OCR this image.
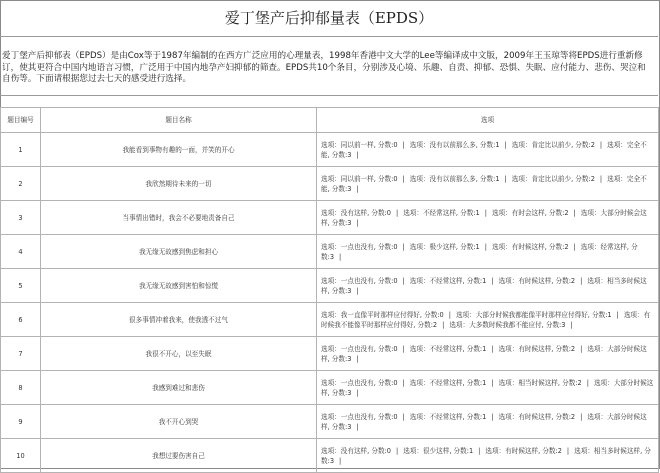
爱丁堡产后抑郁量表（EPDS）
爱丁堡产后抑郁表（EPDS）是由Cox等于1987年编制的在西方广泛应用的心理量表，1998年香港中文大学的Lee等编译成中文版，2009年王玉琼等将EPDS进行重新修订，使其更符合中国内地语言习惯，广泛用于中国内地孕产妇抑郁的筛查。EPDS共10个条目，分别涉及心境、乐趣、自责、抑郁、恐惧、失眠、应付能力、悲伤、哭泣和自伤等。下面请根据您过去七天的感受进行选择。
题目编号	题目名称	选项
1	我能看到事物有趣的一面，并笑的开心	选项：同以前一样, 分数:0 | 选项：没有以前那么多, 分数:1 | 选项：肯定比以前少, 分数:2 | 选项：完全不能, 分数:3 |
2	我欣然期待未来的一切	选项：同以前一样, 分数:0 | 选项：没有以前那么多, 分数:1 | 选项：肯定比以前少, 分数:2 | 选项：完全不能, 分数:3 |
3	当事情出错时，我会不必要地责备自己	选项：没有这样, 分数:0 | 选项：不经常这样, 分数:1 | 选项：有时会这样, 分数:2 | 选项：大部分时候会这样, 分数:3 |
4	我无缘无故感到焦虑和担心	选项：一点也没有, 分数:0 | 选项：极少这样, 分数:1 | 选项：有时候这样, 分数:2 | 选项：经常这样, 分数:3 |
5	我无缘无故感到害怕和惊慌	选项：一点也没有, 分数:0 | 选项：不经常这样, 分数:1 | 选项：有时候这样, 分数:2 | 选项：相当多时候这样, 分数:3 |
6	很多事情冲着我来，使我透不过气	选项：我一直像平时那样应付得好, 分数:0 | 选项：大部分时候我都能像平时那样应付得好, 分数:1 | 选项：有时候我不能像平时那样应付得好, 分数:2 | 选项：大多数时候我都不能应付, 分数:3 |
7	我很不开心，以至失眠	选项：一点也没有, 分数:0 | 选项：不经常这样, 分数:1 | 选项：有时候这样, 分数:2 | 选项：大部分时候这样, 分数:3 |
8	我感到难过和悲伤	选项：一点也没有, 分数:0 | 选项：不经常这样, 分数:1 | 选项：相当时候这样, 分数:2 | 选项：大部分时候这样, 分数:3 |
9	我不开心到哭	选项：一点也没有, 分数:0 | 选项：不经常这样, 分数:1 | 选项：有时候这样, 分数:2 | 选项：大部分时候这样, 分数:3 |
10	我想过要伤害自己	选项：没有这样, 分数:0 | 选项：很少这样, 分数:1 | 选项：有时候这样, 分数:2 | 选项：相当多时候这样, 分数:3 |
